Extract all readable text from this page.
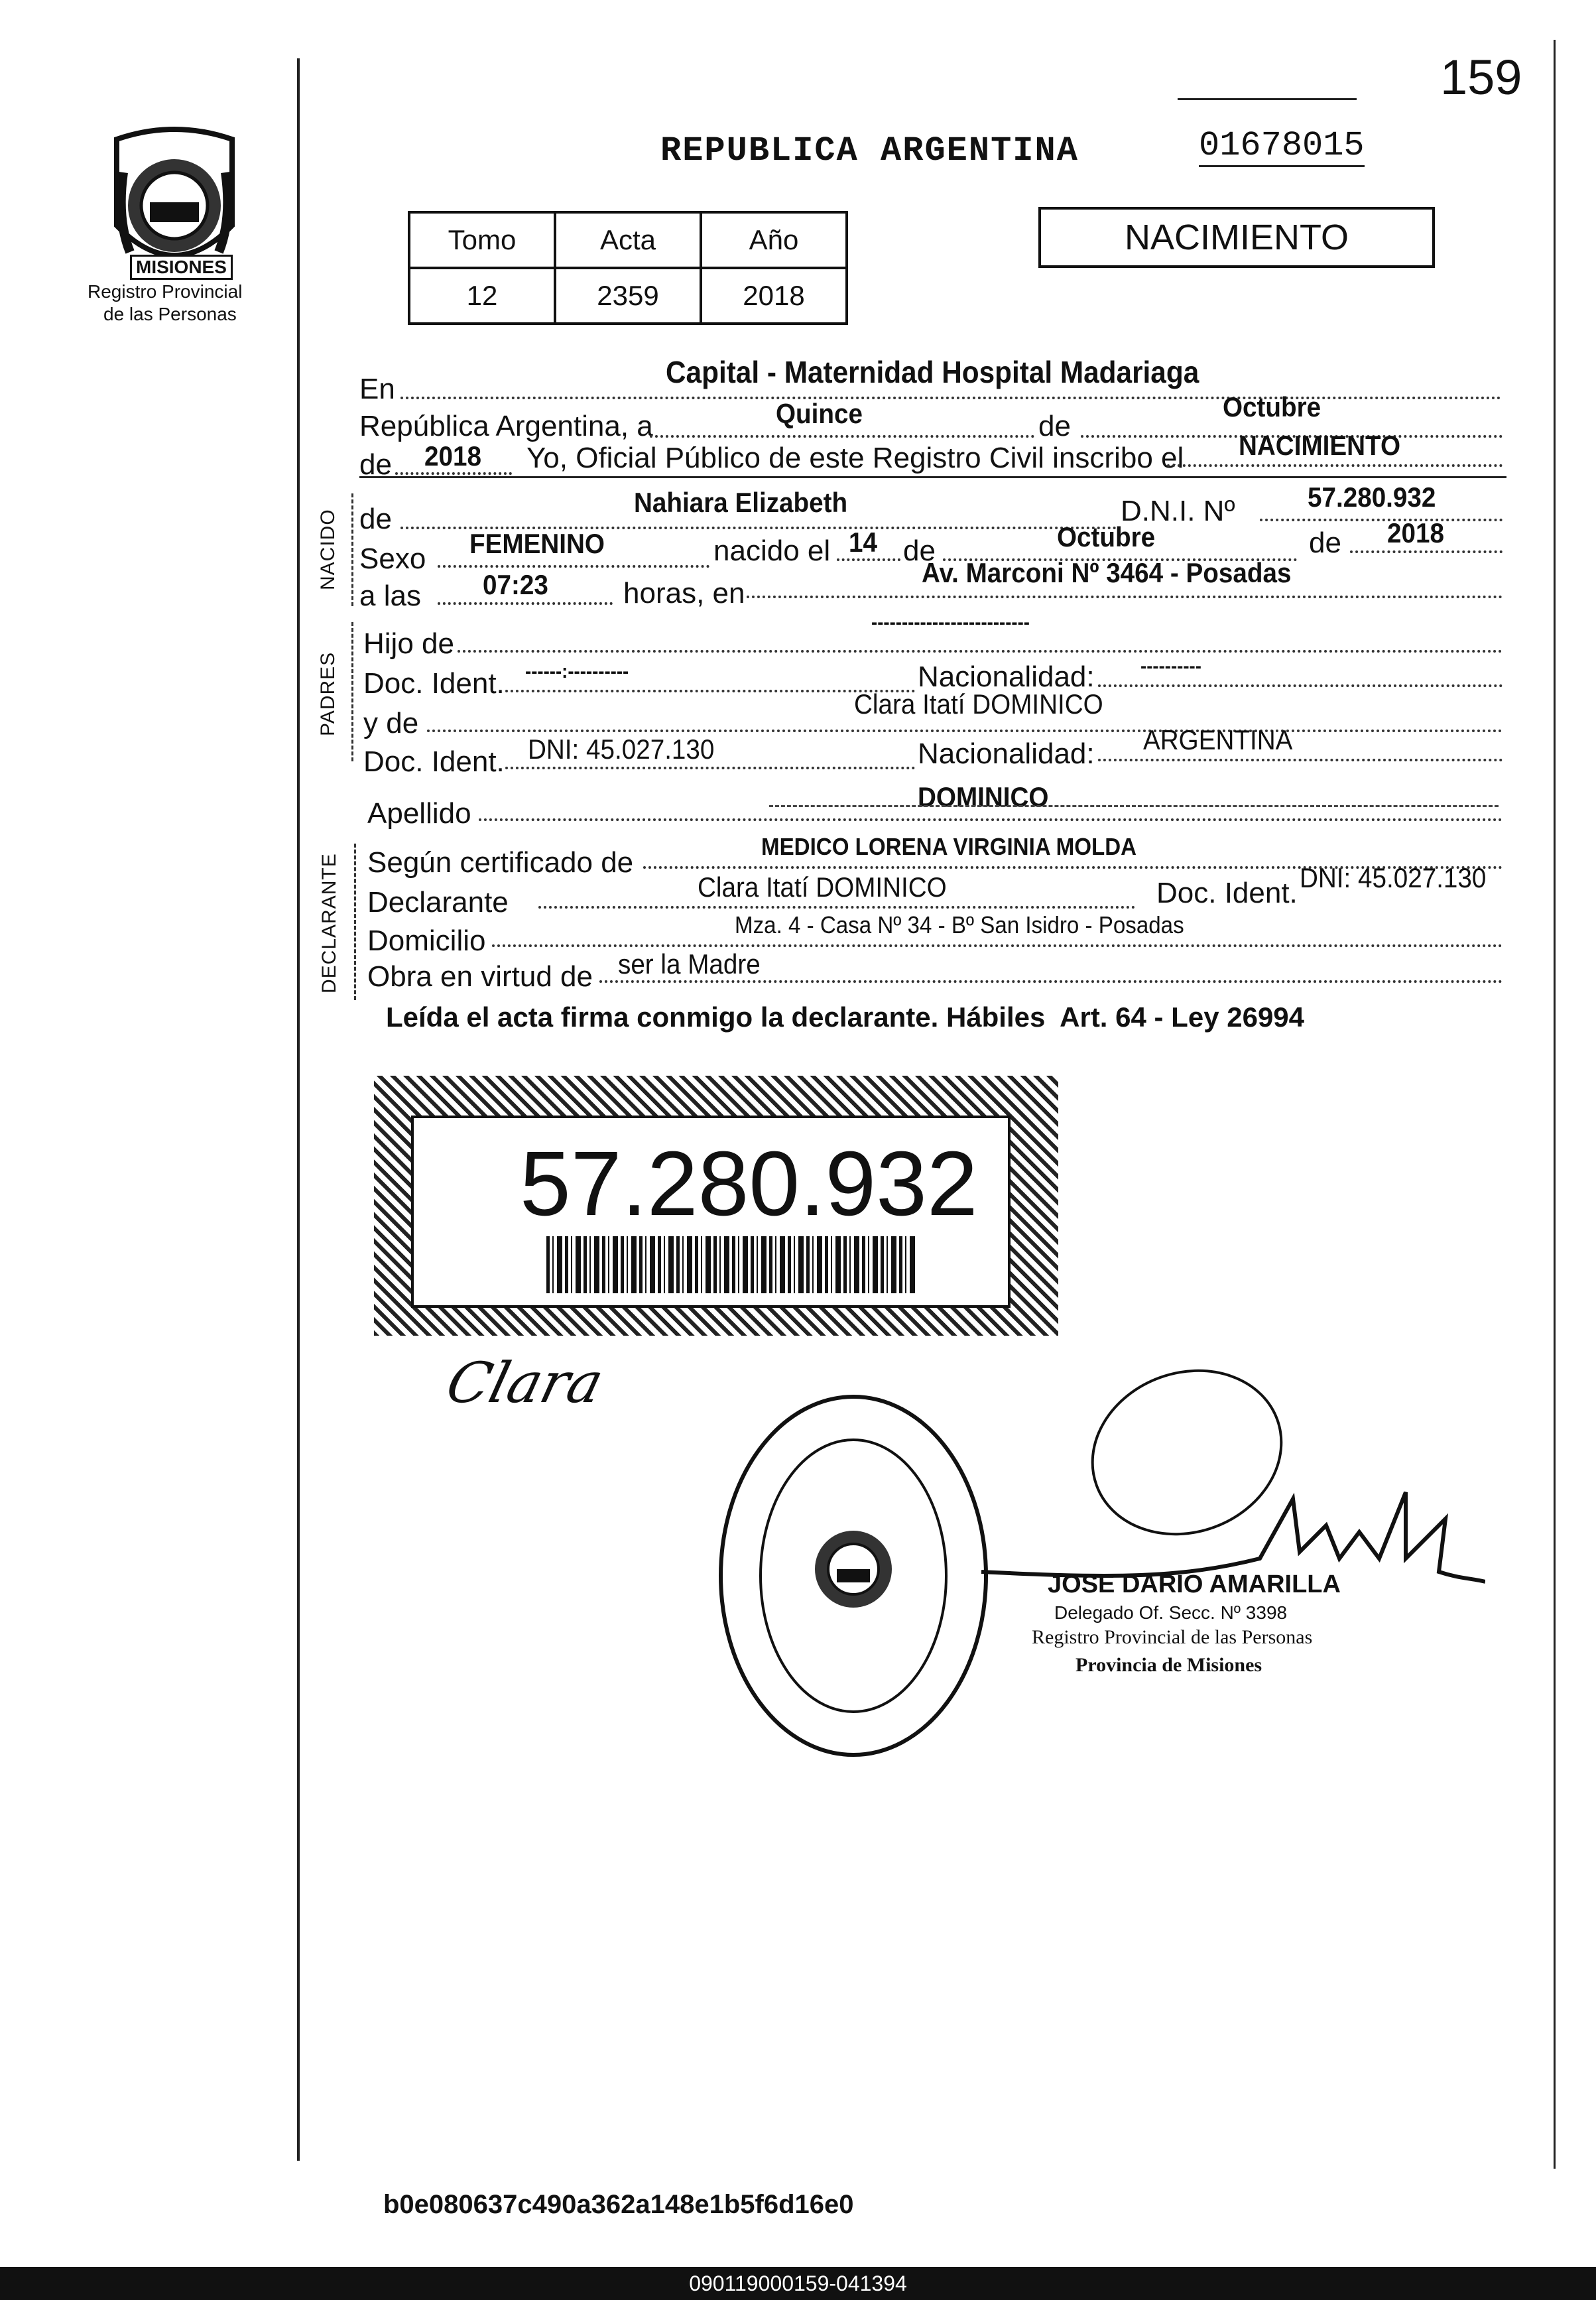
159
01678015
MISIONES
Registro Provincial
de las Personas
REPUBLICA ARGENTINA
Tomo	Acta	Año
12	2359	2018
NACIMIENTO
En	Capital - Maternidad Hospital Madariaga
República Argentina, a	Quince	de
Octubre
de 2018 Yo, Oficial Público de este Registro Civil inscribo el NACIMIENTO
NACIDO de
Nahiara Elizabeth	D.N.I. Nº	57.280.932
Sexo FEMENINO	nacido el 14 de	Octubre	de 2018
a las 07:23	horas, en
Av. Marconi Nº 3464 - Posadas
PADRES
Hijo de
--------------------------
Doc. Ident. ------:----------	Nacionalidad: ----------
y de
Clara Itatí DOMINICO
Doc. Ident. DNI: 45.027.130	Nacionalidad: ARGENTINA
Apellido
DOMINICO
DECLARANTE Según certificado de	MEDICO LORENA VIRGINIA MOLDA
Declarante	Clara Itatí DOMINICO	Doc. Ident. DNI: 45.027.130
Domicilio	Mza. 4 - Casa Nº 34 - Bº San Isidro - Posadas
Obra en virtud de ser la Madre
Leída el acta firma conmigo la declarante. Hábiles  Art. 64 - Ley 26994
57.280.932
Clara
JOSE DARIO AMARILLA
Delegado Of. Secc. Nº 3398
Registro Provincial de las Personas
Provincia de Misiones
b0e080637c490a362a148e1b5f6d16e0
090119000159-041394
